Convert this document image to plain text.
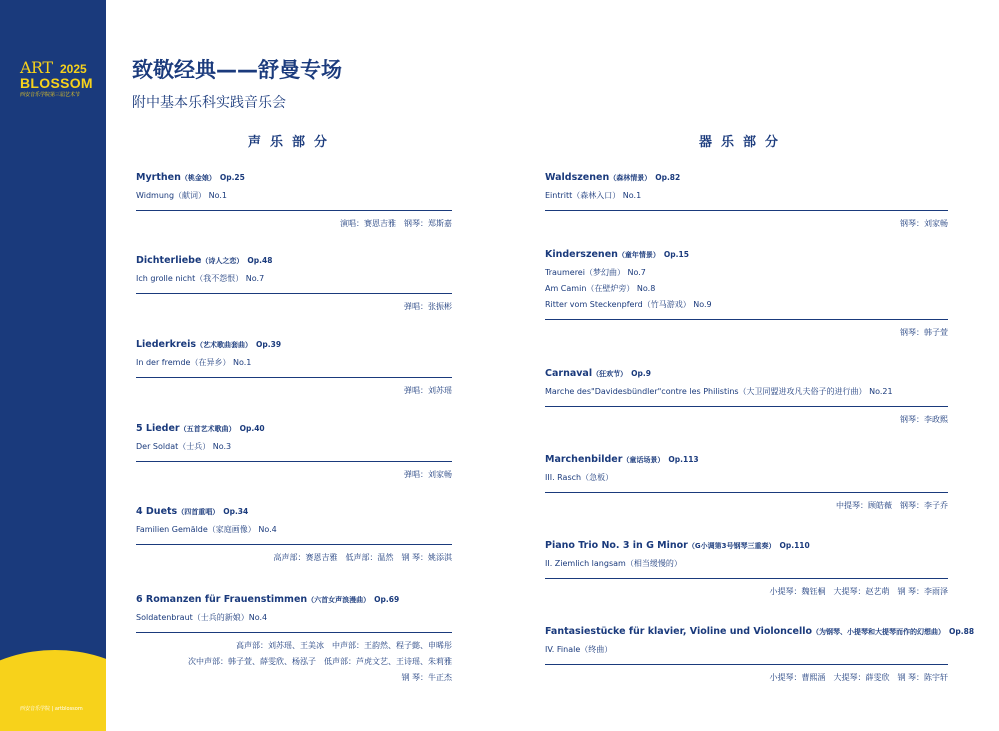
ART 2025
BLOSSOM
西安音乐学院第三届艺术节
西安音乐学院 | artblossom
致敬经典——舒曼专场
附中基本乐科实践音乐会
声乐部分	器乐部分
Myrthen（桃金娘） Op.25
Widmung（献词） No.1
演唱：赛恩吉雅　钢琴：郑斯嘉
Dichterliebe（诗人之恋） Op.48
Ich grolle nicht（我不怨恨） No.7
弹唱：张振彬
Liederkreis（艺术歌曲套曲） Op.39
In der fremde（在异乡） No.1
弹唱：刘苏瑶
5 Lieder（五首艺术歌曲） Op.40
Der Soldat（士兵） No.3
弹唱：刘家畅
4 Duets（四首重唱） Op.34
Familien Gemälde（家庭画像） No.4
高声部：赛恩吉雅　低声部：温然　钢 琴：姚添淇
6 Romanzen für Frauenstimmen（六首女声浪漫曲） Op.69
Soldatenbraut（士兵的新娘）No.4
高声部：刘苏瑶、王美冰　中声部：王韵然、程子懿、申晞彤
次中声部：韩子萱、薛雯欣、杨泓子　低声部：芦虎文艺、王诗瑶、朱莉雅
钢 琴：牛正杰
Waldszenen（森林情景） Op.82
Eintritt（森林入口） No.1
钢琴：刘家畅
Kinderszenen（童年情景） Op.15
Traumerei（梦幻曲） No.7
Am Camin（在壁炉旁） No.8
Ritter vom Steckenpferd（竹马游戏） No.9
钢琴：韩子萱
Carnaval（狂欢节） Op.9
Marche des"Davidesbündler"contre les Philistins（大卫同盟进攻凡夫俗子的进行曲） No.21
钢琴：李政熙
Marchenbilder（童话场景） Op.113
III. Rasch（急板）
中提琴：顾皓薇　钢琴：李子乔
Piano Trio No. 3 in G Minor（G小调第3号钢琴三重奏） Op.110
II. Ziemlich langsam（相当缓慢的）
小提琴：魏钰桐　大提琴：赵艺萌　钢 琴：李雨泽
Fantasiestücke für klavier, Violine und Violoncello（为钢琴、小提琴和大提琴而作的幻想曲） Op.88
IV. Finale（终曲）
小提琴：曹熙涵　大提琴：薛雯欣　钢 琴：陈宇轩
